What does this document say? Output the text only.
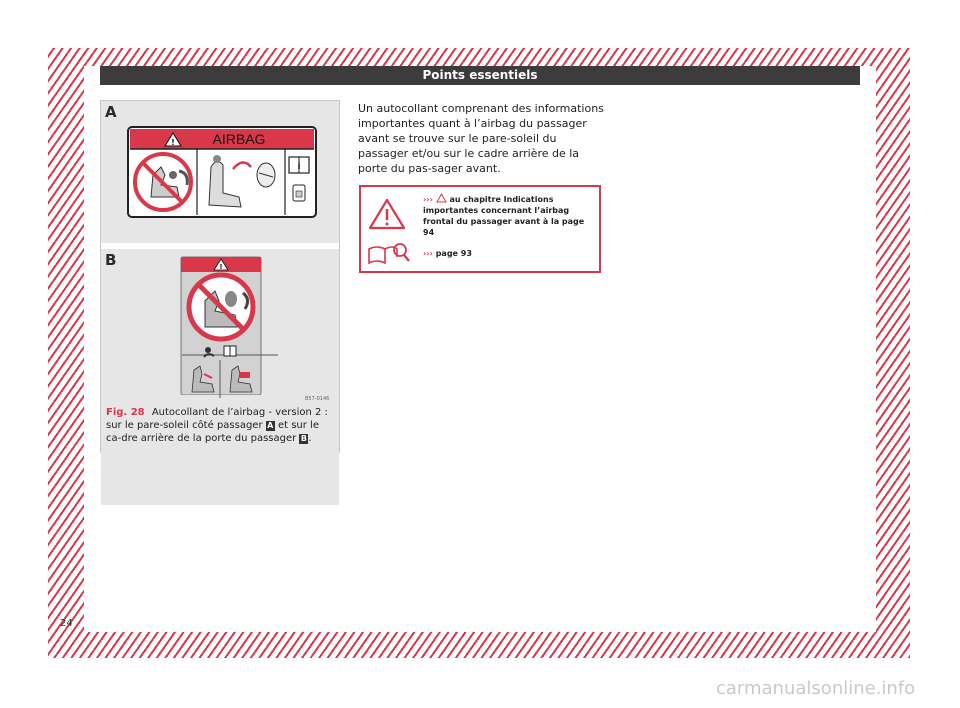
Points essentiels
A
!	AIRBAG
i
B	!
Fig. 28 Autocollant de l’airbag - version 2 : sur le pare-soleil côté passager A et sur le ca-dre arrière de la porte du passager B.
B57-0146
Un autocollant comprenant des informations importantes quant à l’airbag du passager avant se trouve sur le pare-soleil du passager et/ou sur le cadre arrière de la porte du pas-sager avant.
››› au chapitre Indications importantes concernant l’airbag frontal du passager avant à la page 94
››› page 93
24
carmanualsonline.info
